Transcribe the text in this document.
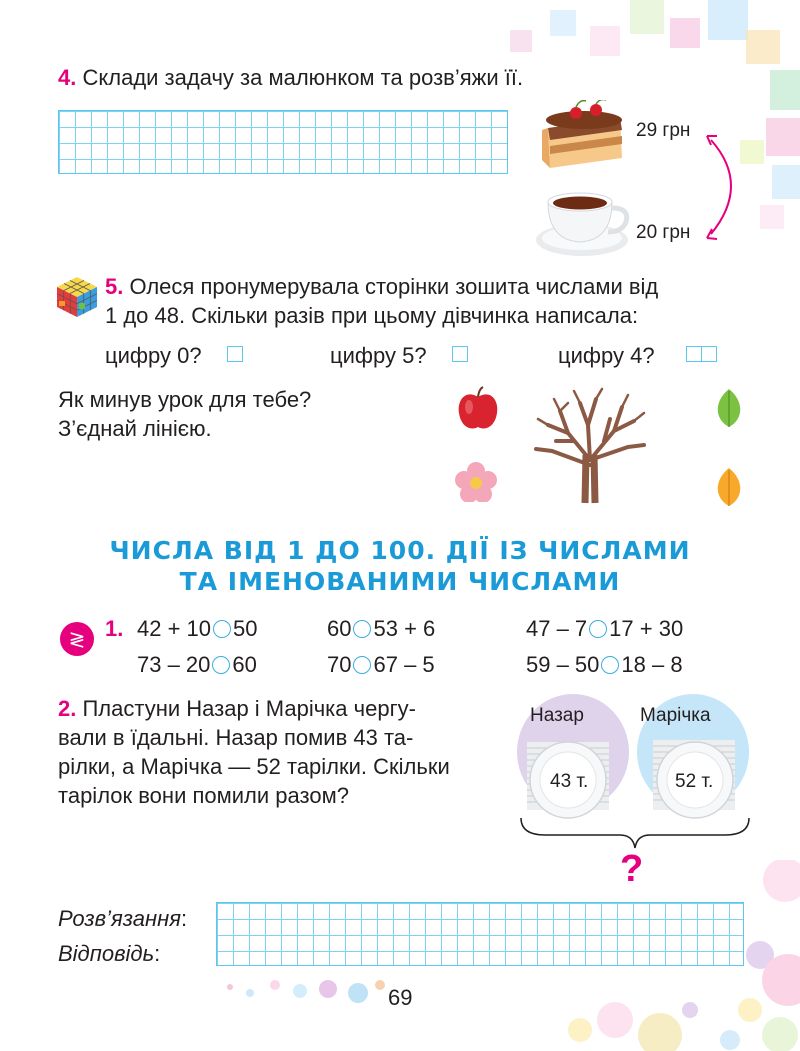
4. Склади задачу за малюнком та розв’яжи її.
29 грн
20 грн
5. Олеся пронумерувала сторінки зошита числами від
1 до 48. Скільки разів при цьому дівчинка написала:
цифру 0?	цифру 5?	цифру 4?
Як минув урок для тебе?
З’єднай лінією.
ЧИСЛА ВІД 1 ДО 100. ДІЇ ІЗ ЧИСЛАМИ
ТА ІМЕНОВАНИМИ ЧИСЛАМИ
≷ 1. 42 + 10 50	60 53 + 6	47 – 7 17 + 30
73 – 20 60	70 67 – 5	59 – 50 18 – 8
2. Пластуни Назар і Марічка чергу-
вали в їдальні. Назар помив 43 та-
рілки, а Марічка — 52 тарілки. Скільки
тарілок вони помили разом?
Назар	Марічка
43 т.	52 т.
?
Розв’язання:
Відповідь:
69
